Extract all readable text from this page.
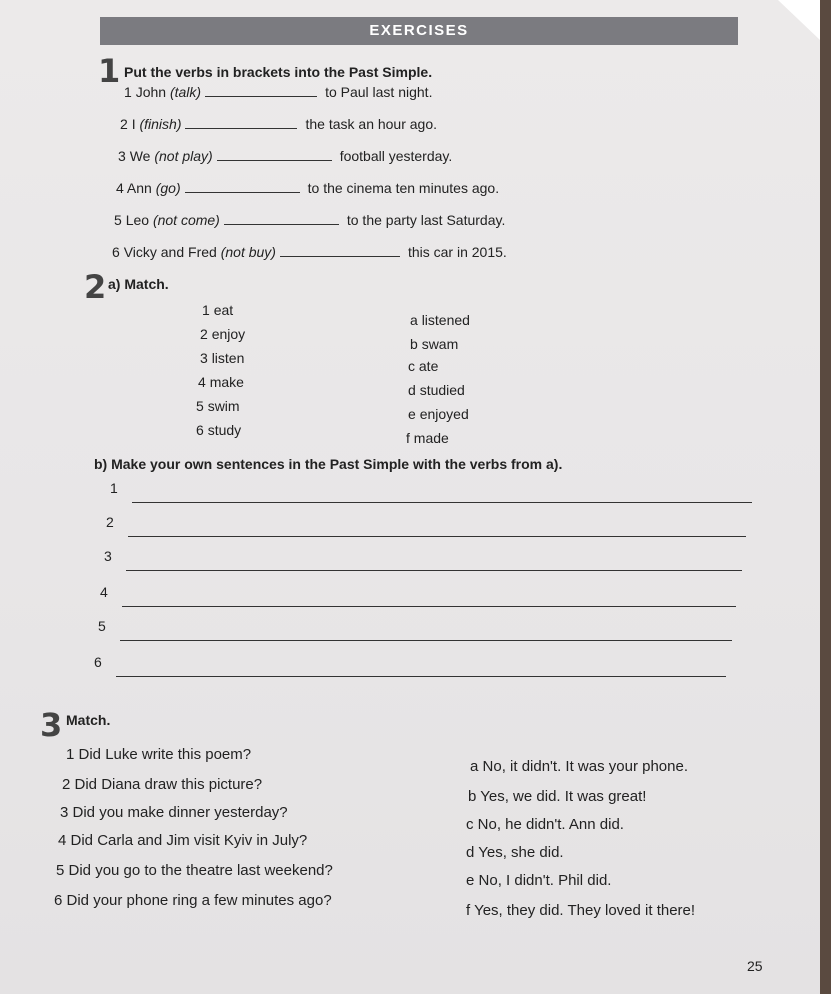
EXERCISES
1 Put the verbs in brackets into the Past Simple.
1 John (talk)	to Paul last night.
2 I (finish)	the task an hour ago.
3 We (not play)	football yesterday.
4 Ann (go)	to the cinema ten minutes ago.
5 Leo (not come)	to the party last Saturday.
6 Vicky and Fred (not buy)	this car in 2015.
2 a) Match.
1 eat
2 enjoy
3 listen
4 make
5 swim
6 study
a listened
b swam
c ate
d studied
e enjoyed
f made
b) Make your own sentences in the Past Simple with the verbs from a).
1
2
3
4
5
6
3 Match.
1 Did Luke write this poem?
2 Did Diana draw this picture?
3 Did you make dinner yesterday?
4 Did Carla and Jim visit Kyiv in July?
5 Did you go to the theatre last weekend?
6 Did your phone ring a few minutes ago?
a No, it didn't. It was your phone.
b Yes, we did. It was great!
c No, he didn't. Ann did.
d Yes, she did.
e No, I didn't. Phil did.
f Yes, they did. They loved it there!
25
